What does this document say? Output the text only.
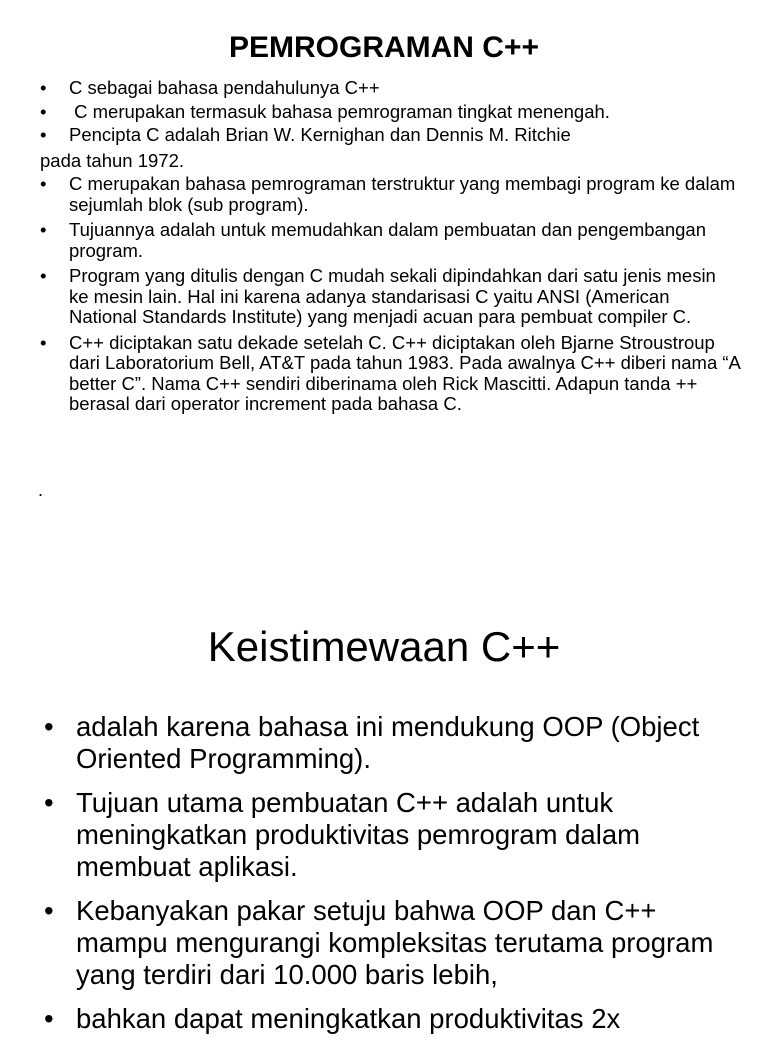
PEMROGRAMAN C++
• C sebagai bahasa pendahulunya C++
• C merupakan termasuk bahasa pemrograman tingkat menengah.
• Pencipta C adalah Brian W. Kernighan dan Dennis M. Ritchie
pada tahun 1972.
• C merupakan bahasa pemrograman terstruktur yang membagi program ke dalam sejumlah blok (sub program).
• Tujuannya adalah untuk memudahkan dalam pembuatan dan pengembangan program.
• Program yang ditulis dengan C mudah sekali dipindahkan dari satu jenis mesin ke mesin lain. Hal ini karena adanya standarisasi C yaitu ANSI (American National Standards Institute) yang menjadi acuan para pembuat compiler C.
• C++ diciptakan satu dekade setelah C. C++ diciptakan oleh Bjarne Stroustroup dari Laboratorium Bell, AT&T pada tahun 1983. Pada awalnya C++ diberi nama “A better C”. Nama C++ sendiri diberinama oleh Rick Mascitti. Adapun tanda ++ berasal dari operator increment pada bahasa C.
.
Keistimewaan C++
• adalah karena bahasa ini mendukung OOP (Object Oriented Programming).
• Tujuan utama pembuatan C++ adalah untuk meningkatkan produktivitas pemrogram dalam membuat aplikasi.
• Kebanyakan pakar setuju bahwa OOP dan C++ mampu mengurangi kompleksitas terutama program yang terdiri dari 10.000 baris lebih,
• bahkan dapat meningkatkan produktivitas 2x
